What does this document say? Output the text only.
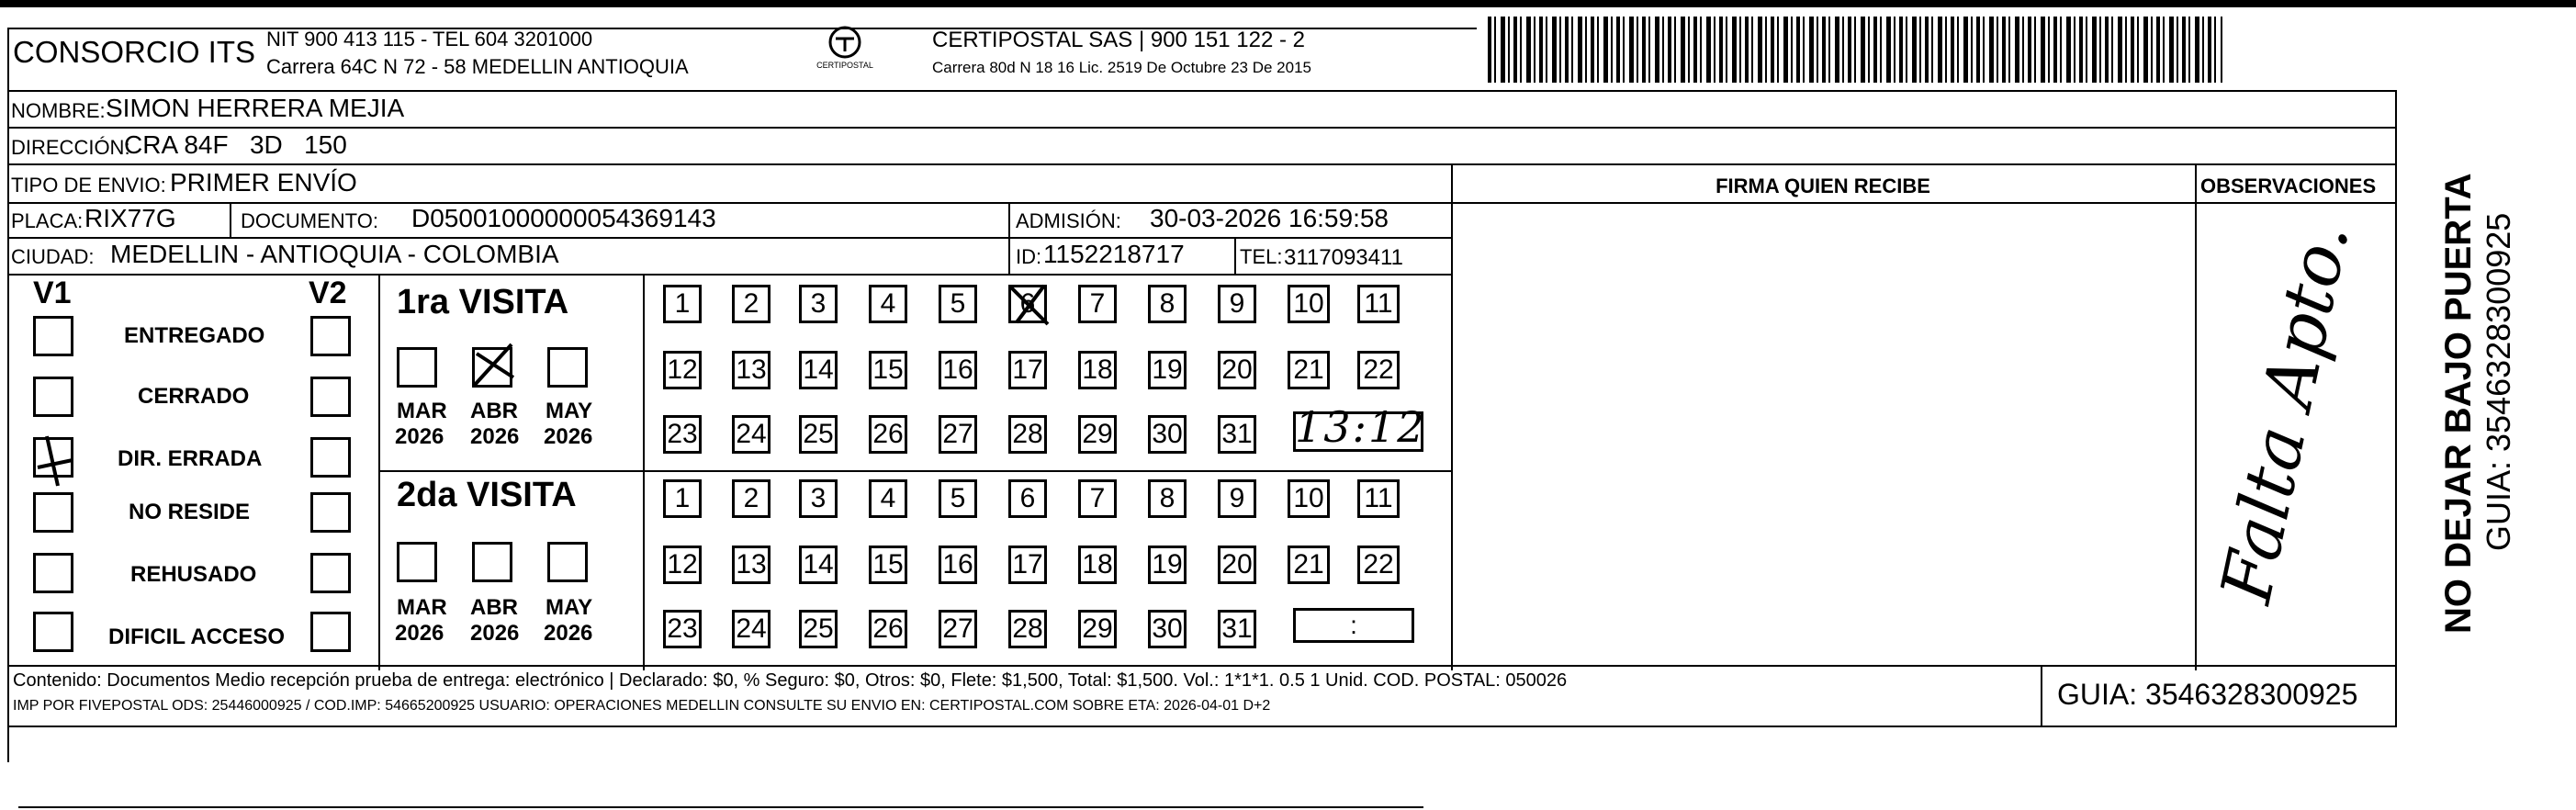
CONSORCIO ITS NIT 900 413 115 - TEL 604 3201000
Carrera 64C N 72 - 58 MEDELLIN ANTIOQUIA	CERTIPOSTAL
CERTIPOSTAL SAS | 900 151 122 - 2
Carrera 80d N 18 16 Lic. 2519 De Octubre 23 De 2015
NOMBRE: SIMON HERRERA MEJIA
DIRECCIÓN:
CRA 84F   3D   150
TIPO DE ENVIO: PRIMER ENVÍO	FIRMA QUIEN RECIBE	OBSERVACIONES
PLACA: RIX77G	DOCUMENTO: D05001000000054369143	ADMISIÓN: 30-03-2026 16:59:58
CIUDAD: MEDELLIN - ANTIOQUIA - COLOMBIA	ID: 1152218717	TEL: 3117093411
V1	V2
ENTREGADO
CERRADO
DIR. ERRADA
NO RESIDE
REHUSADO
DIFICIL ACCESO
1ra VISITA
MAR ABR MAY
2026 2026 2026
1 2 3 4 5 6 7 8 9 10 11
12 13 14 15 16 17 18 19 20 21 22
23 24 25 26 27 28 29 30 31 13:12
2da VISITA
MAR ABR MAY
2026 2026 2026
1 2 3 4 5 6 7 8 9 10 11
12 13 14 15 16 17 18 19 20 21 22
23 24 25 26 27 28 29 30 31	:
Falta Apto. NO DEJAR BAJO PUERTA GUIA: 3546328300925
Contenido: Documentos Medio recepción prueba de entrega: electrónico | Declarado: $0, % Seguro: $0, Otros: $0, Flete: $1,500, Total: $1,500. Vol.: 1*1*1. 0.5 1 Unid. COD. POSTAL: 050026
IMP POR FIVEPOSTAL ODS: 25446000925 / COD.IMP: 54665200925 USUARIO: OPERACIONES MEDELLIN CONSULTE SU ENVIO EN: CERTIPOSTAL.COM SOBRE ETA: 2026-04-01 D+2	GUIA: 3546328300925
